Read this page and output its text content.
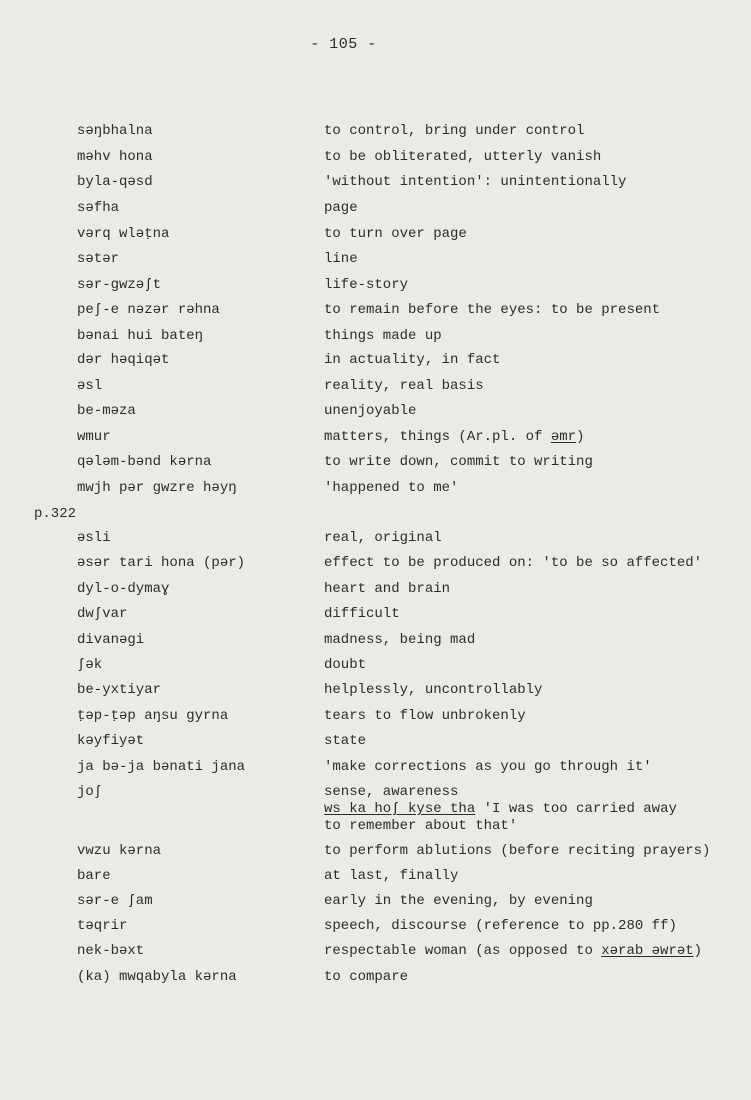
- 105 -
səŋbhalna	to control, bring under control
məhv hona	to be obliterated, utterly vanish
byla-qəsd	'without intention': unintentionally
səfha	page
vərq wləṭna	to turn over page
sətər	line
sər-gwzəʃt	life-story
peʃ-e nəzər rəhna	to remain before the eyes: to be present
bənai hui bateŋ	things made up
dər həqiqət	in actuality, in fact
əsl	reality, real basis
be-məza	unenjoyable
wmur	matters, things (Ar.pl. of əmr)
qələm-bənd kərna	to write down, commit to writing
mwjh pər gwzre həyŋ	'happened to me'
p.322
əsli	real, original
əsər tari hona (pər)	effect to be produced on: 'to be so affected'
dyl-o-dymaɣ	heart and brain
dwʃvar	difficult
divanəgi	madness, being mad
ʃək	doubt
be-yxtiyar	helplessly, uncontrollably
ṭəp-ṭəp aŋsu gyrna	tears to flow unbrokenly
kəyfiyət	state
ja bə-ja bənati jana	'make corrections as you go through it'
joʃ	sense, awareness
ws ka hoʃ kyse tha 'I was too carried away
to remember about that'
vwzu kərna	to perform ablutions (before reciting prayers)
bare	at last, finally
sər-e ʃam	early in the evening, by evening
təqrir	speech, discourse (reference to pp.280 ff)
nek-bəxt	respectable woman (as opposed to xərab əwrət)
(ka) mwqabyla kərna	to compare
